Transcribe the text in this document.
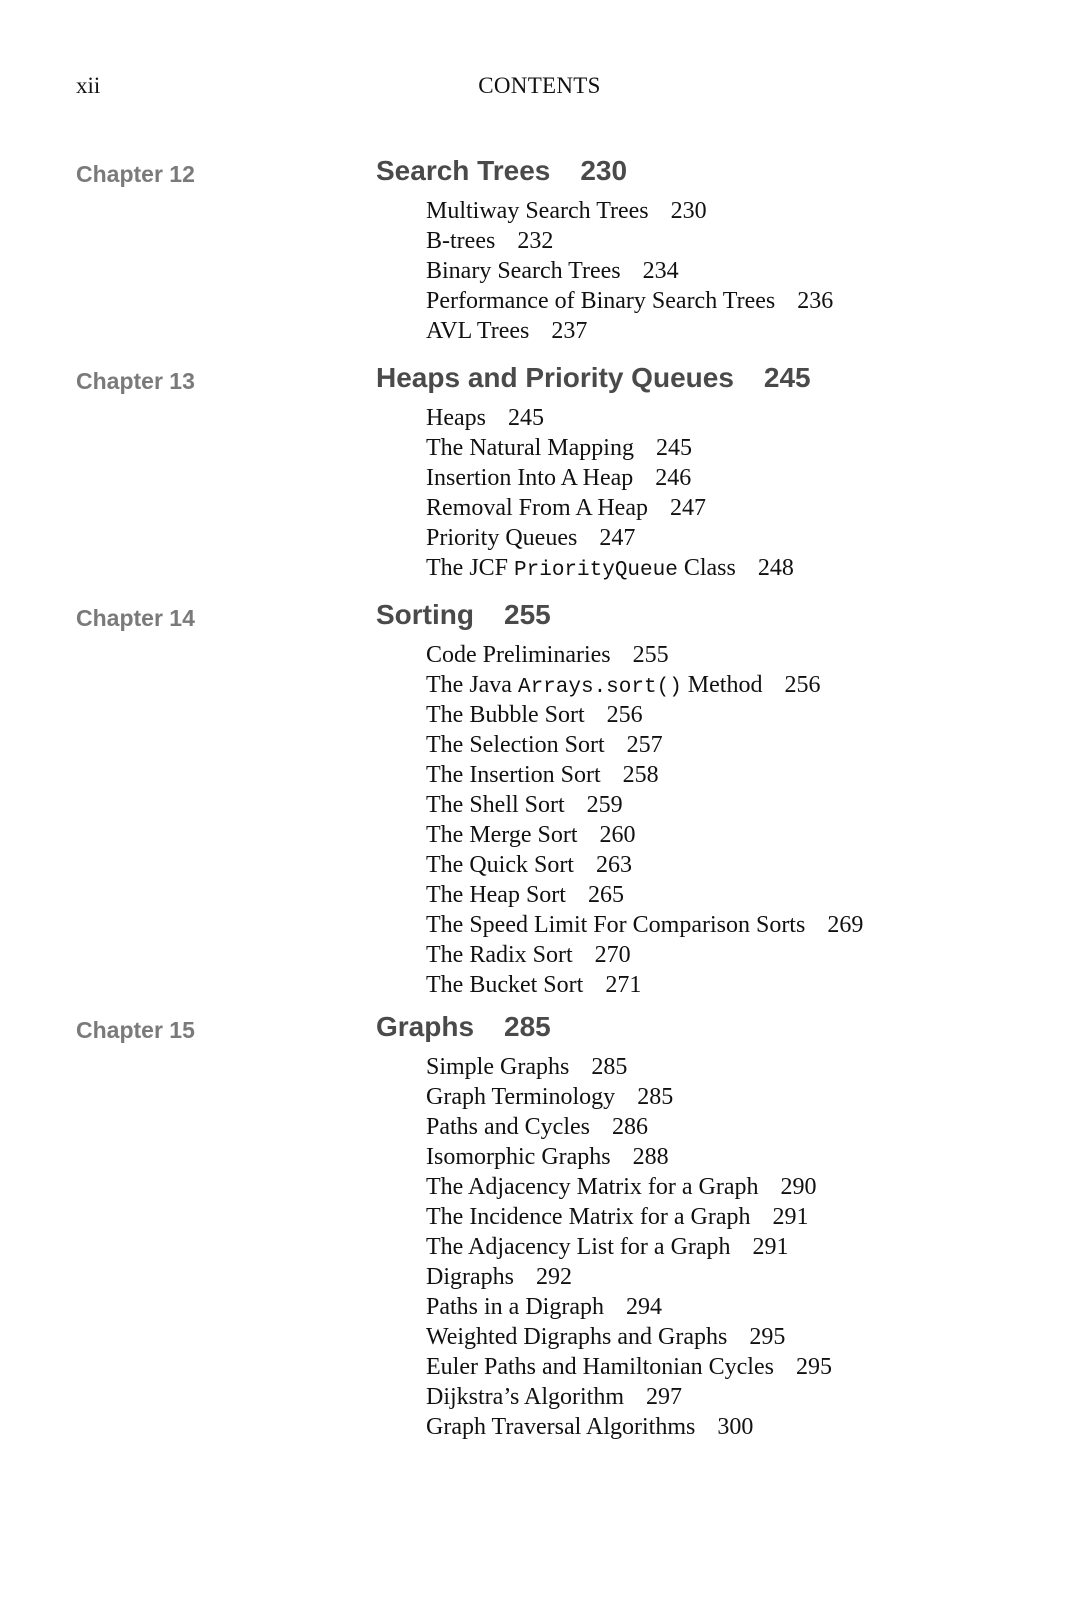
xii	CONTENTS
Chapter 12	Search Trees 230
Multiway Search Trees 230
B-trees 232
Binary Search Trees 234
Performance of Binary Search Trees 236
AVL Trees 237
Chapter 13	Heaps and Priority Queues 245
Heaps 245
The Natural Mapping 245
Insertion Into A Heap 246
Removal From A Heap 247
Priority Queues 247
The JCF PriorityQueue Class 248
Chapter 14	Sorting 255
Code Preliminaries 255
The Java Arrays.sort() Method 256
The Bubble Sort 256
The Selection Sort 257
The Insertion Sort 258
The Shell Sort 259
The Merge Sort 260
The Quick Sort 263
The Heap Sort 265
The Speed Limit For Comparison Sorts 269
The Radix Sort 270
The Bucket Sort 271
Chapter 15	Graphs 285
Simple Graphs 285
Graph Terminology 285
Paths and Cycles 286
Isomorphic Graphs 288
The Adjacency Matrix for a Graph 290
The Incidence Matrix for a Graph 291
The Adjacency List for a Graph 291
Digraphs 292
Paths in a Digraph 294
Weighted Digraphs and Graphs 295
Euler Paths and Hamiltonian Cycles 295
Dijkstra’s Algorithm 297
Graph Traversal Algorithms 300
